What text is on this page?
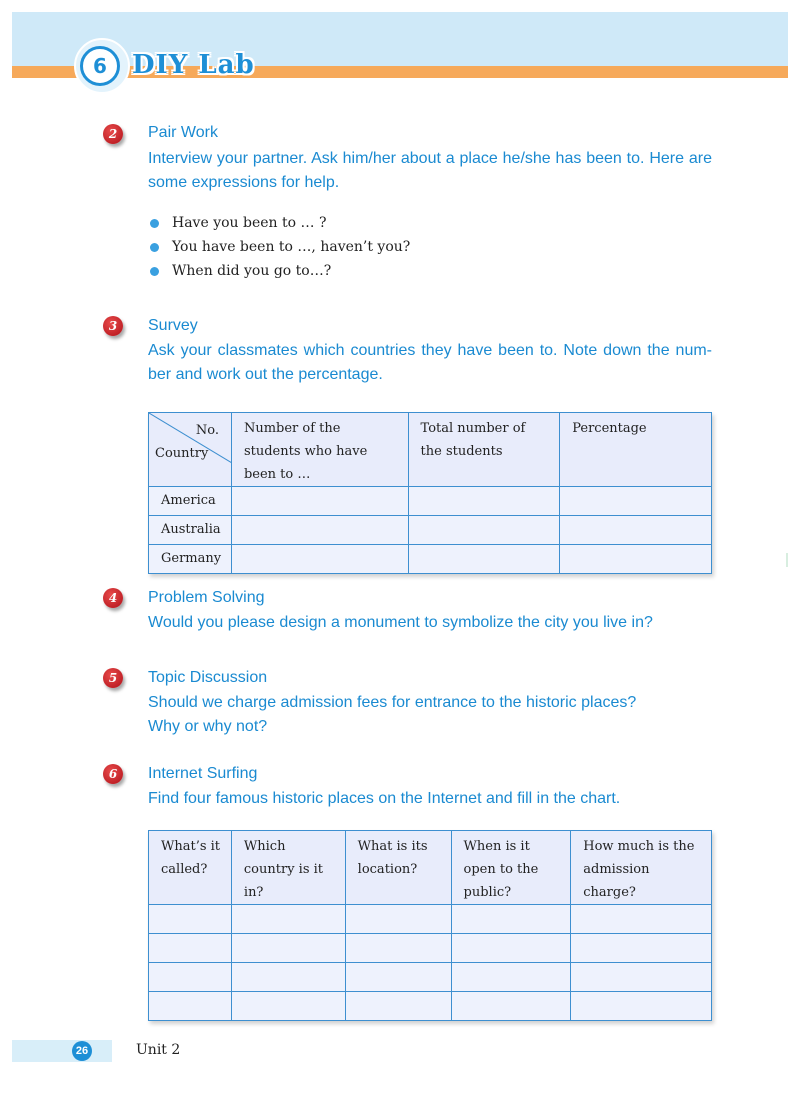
6 DIY Lab
2	Pair Work
Interview your partner. Ask him/her about a place he/she has been to. Here are some expressions for help.
Have you been to … ?
You have been to …, haven’t you?
When did you go to…?
3	Survey
Ask your classmates which countries they have been to. Note down the num-ber and work out the percentage.
No.
Country	Number of the students who have been to …	Total number of the students	Percentage

America			
Australia			
Germany			
4	Problem Solving
Would you please design a monument to symbolize the city you live in?
5	Topic Discussion
Should we charge admission fees for entrance to the historic places? Why or why not?
6	Internet Surfing
Find four famous historic places on the Internet and fill in the chart.
What’s it called?	Which country is it in?	What is its location?	When is it open to the public?	How much is the admission charge?

26	Unit 2
